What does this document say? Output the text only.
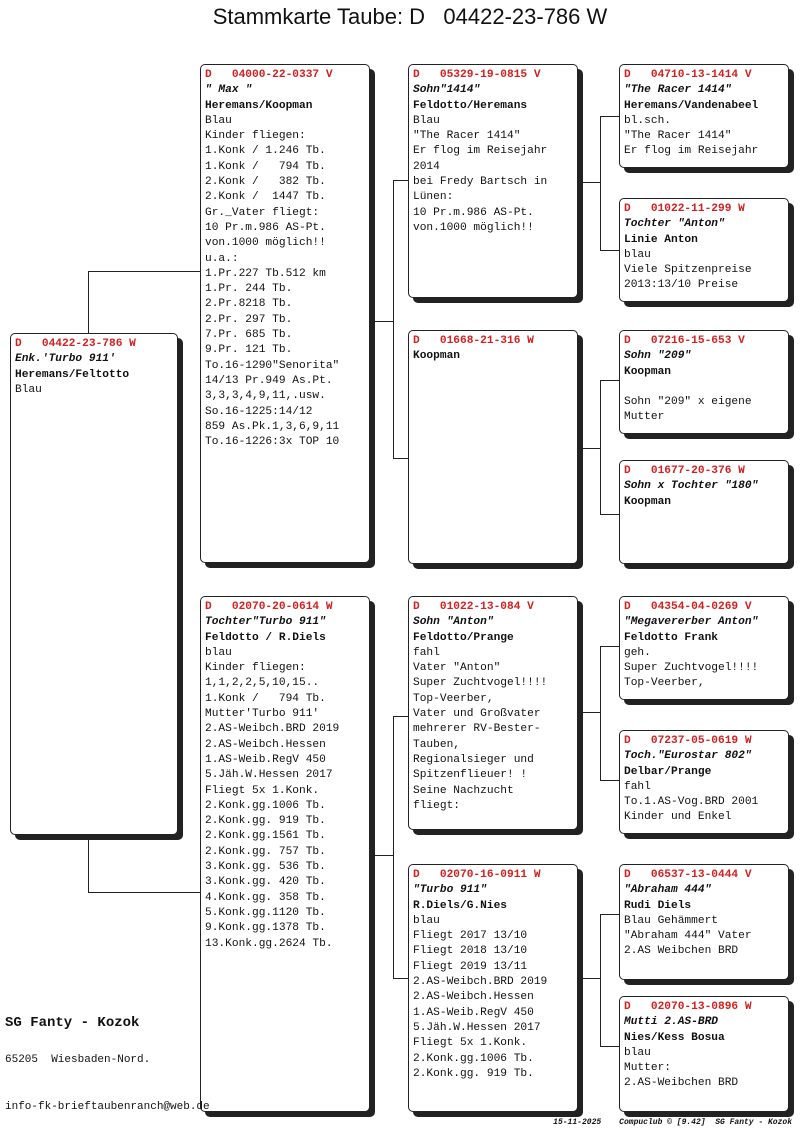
Stammkarte Taube: D   04422-23-786 W
D   04422-23-786 W
Enk.'Turbo 911'
Heremans/Feltotto
Blau
D   04000-22-0337 V
" Max "
Heremans/Koopman
Blau
Kinder fliegen:
1.Konk / 1.246 Tb.
1.Konk /   794 Tb.
2.Konk /   382 Tb.
2.Konk /  1447 Tb.
Gr._Vater fliegt:
10 Pr.m.986 AS-Pt.
von.1000 möglich!!
u.a.:
1.Pr.227 Tb.512 km
1.Pr. 244 Tb.
2.Pr.8218 Tb.
2.Pr. 297 Tb.
7.Pr. 685 Tb.
9.Pr. 121 Tb.
To.16-1290"Senorita"
14/13 Pr.949 As.Pt.
3,3,3,4,9,11,.usw.
So.16-1225:14/12
859 As.Pk.1,3,6,9,11
To.16-1226:3x TOP 10
D   02070-20-0614 W
Tochter"Turbo 911"
Feldotto / R.Diels
blau
Kinder fliegen:
1,1,2,2,5,10,15..
1.Konk /   794 Tb.
Mutter'Turbo 911'
2.AS-Weibch.BRD 2019
2.AS-Weibch.Hessen
1.AS-Weib.RegV 450
5.Jäh.W.Hessen 2017
Fliegt 5x 1.Konk.
2.Konk.gg.1006 Tb.
2.Konk.gg. 919 Tb.
2.Konk.gg.1561 Tb.
2.Konk.gg. 757 Tb.
3.Konk.gg. 536 Tb.
3.Konk.gg. 420 Tb.
4.Konk.gg. 358 Tb.
5.Konk.gg.1120 Tb.
9.Konk.gg.1378 Tb.
13.Konk.gg.2624 Tb.
D   05329-19-0815 V
Sohn"1414"
Feldotto/Heremans
Blau
"The Racer 1414"
Er flog im Reisejahr
2014
bei Fredy Bartsch in
Lünen:
10 Pr.m.986 AS-Pt.
von.1000 möglich!!
D   01668-21-316 W
Koopman
D   01022-13-084 V
Sohn "Anton"
Feldotto/Prange
fahl
Vater "Anton"
Super Zuchtvogel!!!!
Top-Veerber,
Vater und Großvater
mehrerer RV-Bester-
Tauben,
Regionalsieger und
Spitzenflieuer! !
Seine Nachzucht
fliegt:
D   02070-16-0911 W
"Turbo 911"
R.Diels/G.Nies
blau
Fliegt 2017 13/10
Fliegt 2018 13/10
Fliegt 2019 13/11
2.AS-Weibch.BRD 2019
2.AS-Weibch.Hessen
1.AS-Weib.RegV 450
5.Jäh.W.Hessen 2017
Fliegt 5x 1.Konk.
2.Konk.gg.1006 Tb.
2.Konk.gg. 919 Tb.
D   04710-13-1414 V
"The Racer 1414"
Heremans/Vandenabeel
bl.sch.
"The Racer 1414"
Er flog im Reisejahr
D   01022-11-299 W
Tochter "Anton"
Linie Anton
blau
Viele Spitzenpreise
2013:13/10 Preise
D   07216-15-653 V
Sohn "209"
Koopman
Sohn "209" x eigene
Mutter
D   01677-20-376 W
Sohn x Tochter "180"
Koopman
D   04354-04-0269 V
"Megavererber Anton"
Feldotto Frank
geh.
Super Zuchtvogel!!!!
Top-Veerber,
D   07237-05-0619 W
Toch."Eurostar 802"
Delbar/Prange
fahl
To.1.AS-Vog.BRD 2001
Kinder und Enkel
D   06537-13-0444 V
"Abraham 444"
Rudi Diels
Blau Gehämmert
"Abraham 444" Vater
2.AS Weibchen BRD
D   02070-13-0896 W
Mutti 2.AS-BRD
Nies/Kess Bosua
blau
Mutter:
2.AS-Weibchen BRD
SG Fanty - Kozok
65205  Wiesbaden-Nord.
info-fk-brieftaubenranch@web.de
15-11-2025 Compuclub © [9.42]  SG Fanty - Kozok
